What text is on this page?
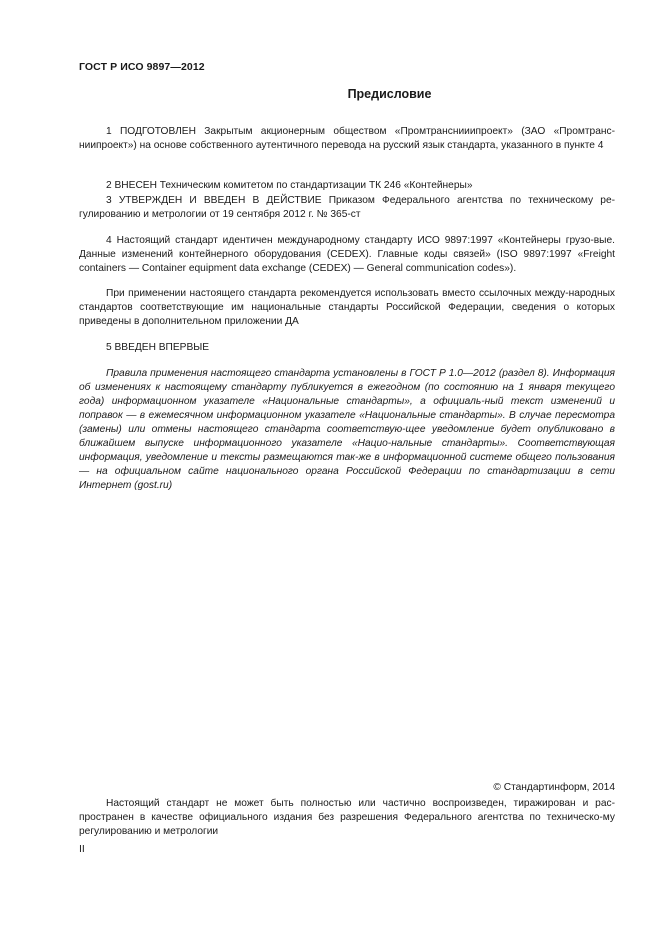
ГОСТ Р ИСО 9897—2012
Предисловие

1 ПОДГОТОВЛЕН Закрытым акционерным обществом «Промтранснииипроект» (ЗАО «Промтранс-ниипроект») на основе собственного аутентичного перевода на русский язык стандарта, указанного в пункте 4

2 ВНЕСЕН Техническим комитетом по стандартизации ТК 246 «Контейнеры»

3 УТВЕРЖДЕН И ВВЕДЕН В ДЕЙСТВИЕ Приказом Федерального агентства по техническому ре-гулированию и метрологии от 19 сентября 2012 г. № 365-ст

4 Настоящий стандарт идентичен международному стандарту ИСО 9897:1997 «Контейнеры грузо-вые. Данные изменений контейнерного оборудования (CEDEX). Главные коды связей» (ISO 9897:1997 «Freight containers — Container equipment data exchange (CEDEX) — General communication codes»).

При применении настоящего стандарта рекомендуется использовать вместо ссылочных между-народных стандартов соответствующие им национальные стандарты Российской Федерации, сведения о которых приведены в дополнительном приложении ДА

5 ВВЕДЕН ВПЕРВЫЕ

Правила применения настоящего стандарта установлены в ГОСТ Р 1.0—2012 (раздел 8). Информация об изменениях к настоящему стандарту публикуется в ежегодном (по состоянию на 1 января текущего года) информационном указателе «Национальные стандарты», а официаль-ный текст изменений и поправок — в ежемесячном информационном указателе «Национальные стандарты». В случае пересмотра (замены) или отмены настоящего стандарта соответствую-щее уведомление будет опубликовано в ближайшем выпуске информационного указателе «Нацио-нальные стандарты». Соответствующая информация, уведомление и тексты размещаются так-же в информационной системе общего пользования — на официальном сайте национального органа Российской Федерации по стандартизации в сети Интернет (gost.ru)

© Стандартинформ, 2014

Настоящий стандарт не может быть полностью или частично воспроизведен, тиражирован и рас-пространен в качестве официального издания без разрешения Федерального агентства по техническо-му регулированию и метрологии

II
